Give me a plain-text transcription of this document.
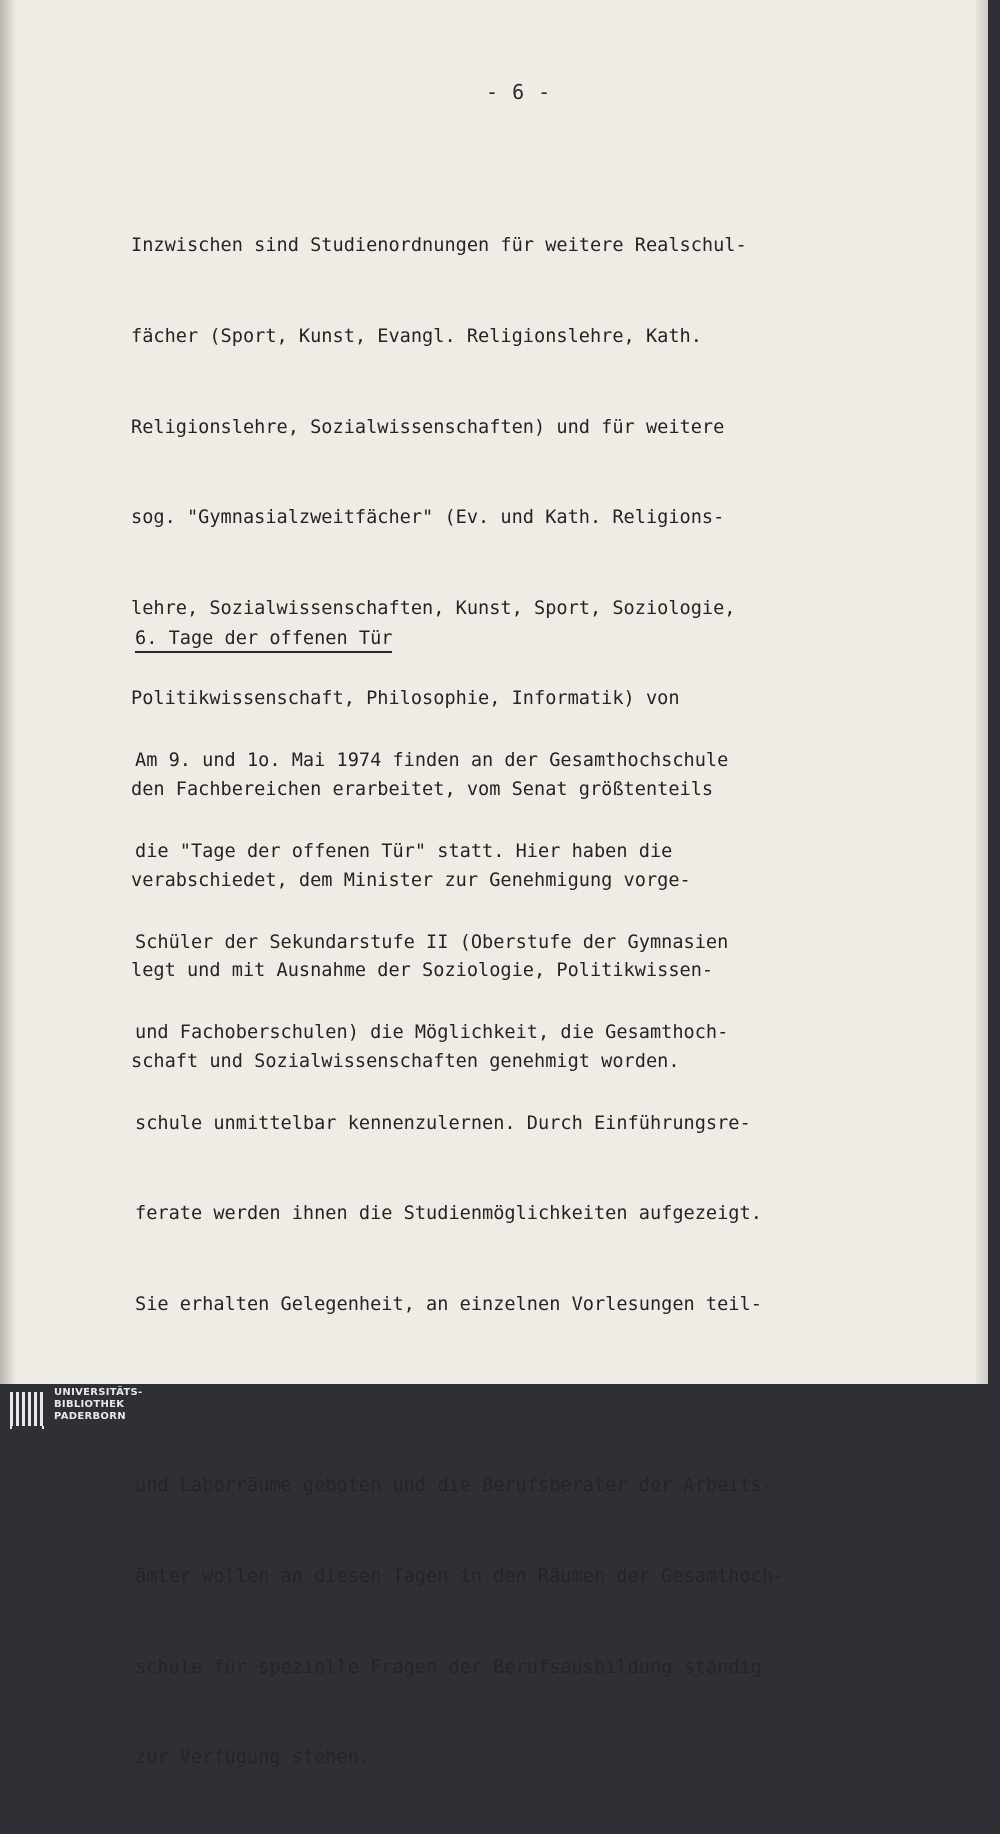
- 6 -

Inzwischen sind Studienordnungen für weitere Realschul-

fächer (Sport, Kunst, Evangl. Religionslehre, Kath.

Religionslehre, Sozialwissenschaften) und für weitere

sog. "Gymnasialzweitfächer" (Ev. und Kath. Religions-

lehre, Sozialwissenschaften, Kunst, Sport, Soziologie,

Politikwissenschaft, Philosophie, Informatik) von

den Fachbereichen erarbeitet, vom Senat größtenteils

verabschiedet, dem Minister zur Genehmigung vorge-

legt und mit Ausnahme der Soziologie, Politikwissen-

schaft und Sozialwissenschaften genehmigt worden.

6. Tage der offenen Tür

Am 9. und 1o. Mai 1974 finden an der Gesamthochschule

die "Tage der offenen Tür" statt. Hier haben die

Schüler der Sekundarstufe II (Oberstufe der Gymnasien

und Fachoberschulen) die Möglichkeit, die Gesamthoch-

schule unmittelbar kennenzulernen. Durch Einführungsre-

ferate werden ihnen die Studienmöglichkeiten aufgezeigt.

Sie erhalten Gelegenheit, an einzelnen Vorlesungen teil-

und Laborräume geboten und die Berufsberater der Arbeits-

ämter wollen an diesen Tagen in den Räumen der Gesamthoch-

schule für spezielle Fragen der Berufsausbildung ständig

zur Verfügung stehen.

UNIVERSITÄTS-
BIBLIOTHEK
PADERBORN
